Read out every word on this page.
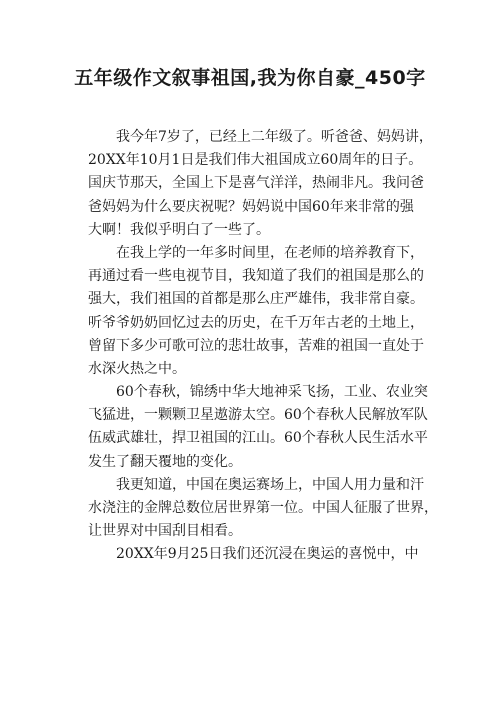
五年级作文叙事祖国,我为你自豪_450字
我今年7岁了，已经上二年级了。听爸爸、妈妈讲，
20XX年10月1日是我们伟大祖国成立60周年的日子。
国庆节那天，全国上下是喜气洋洋，热闹非凡。我问爸
爸妈妈为什么要庆祝呢？妈妈说中国60年来非常的强
大啊！我似乎明白了一些了。
在我上学的一年多时间里，在老师的培养教育下，
再通过看一些电视节目，我知道了我们的祖国是那么的
强大，我们祖国的首都是那么庄严雄伟，我非常自豪。
听爷爷奶奶回忆过去的历史，在千万年古老的土地上，
曾留下多少可歌可泣的悲壮故事，苦难的祖国一直处于
水深火热之中。
60个春秋，锦绣中华大地神采飞扬，工业、农业突
飞猛进，一颗颗卫星遨游太空。60个春秋人民解放军队
伍威武雄壮，捍卫祖国的江山。60个春秋人民生活水平
发生了翻天覆地的变化。
我更知道，中国在奥运赛场上，中国人用力量和汗
水浇注的金牌总数位居世界第一位。中国人征服了世界，
让世界对中国刮目相看。
20XX年9月25日我们还沉浸在奥运的喜悦中，中
